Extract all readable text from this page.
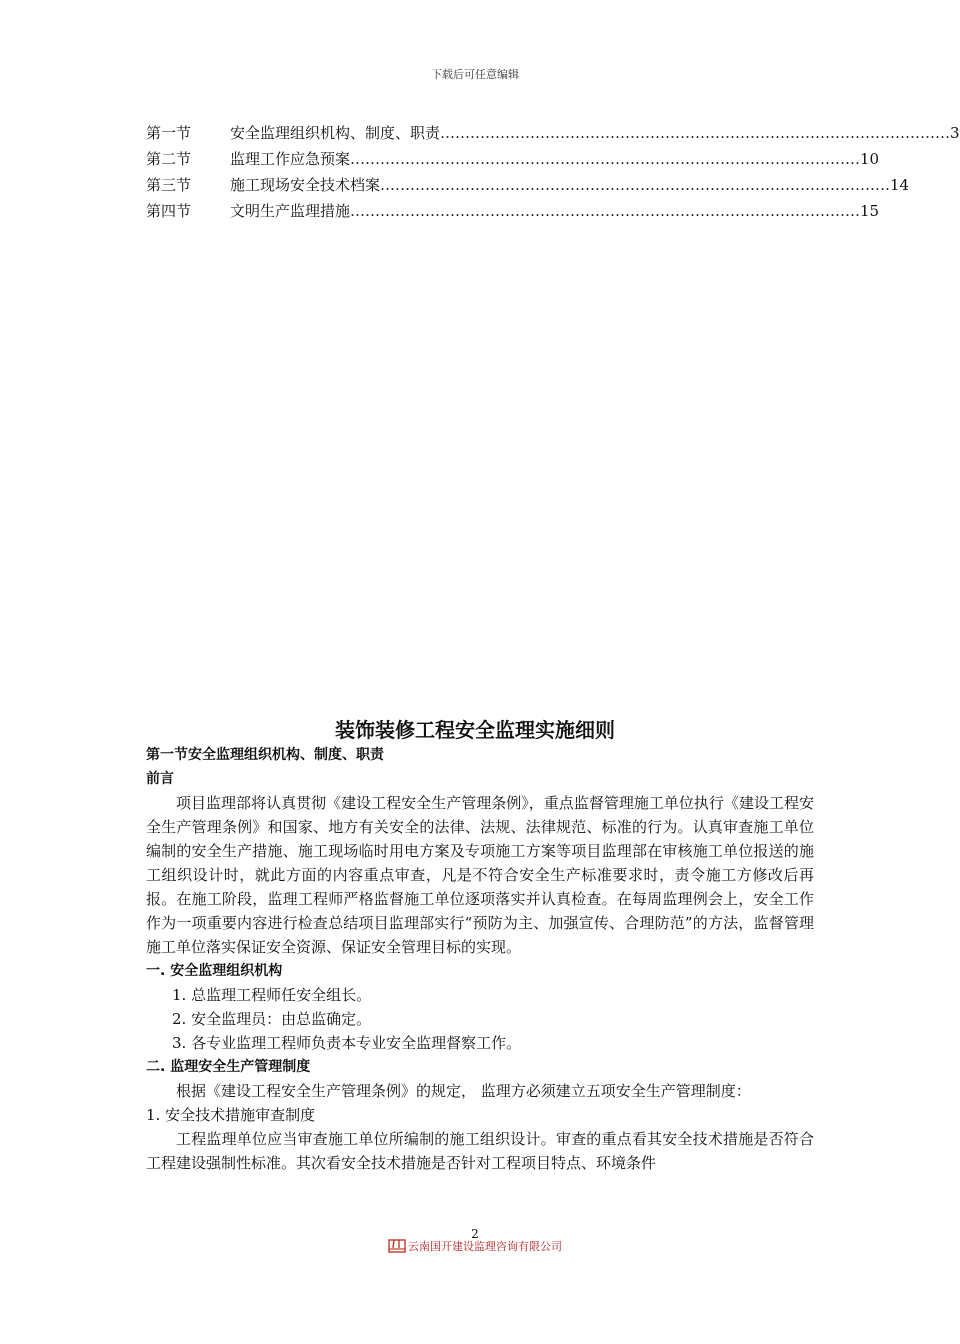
下载后可任意编辑
第一节	安全监理组织机构、制度、职责 ………………………………………………………………………………………… 3
第二节	监理工作应急预案 ………………………………………………………………………………………… 10
第三节	施工现场安全技术档案 ………………………………………………………………………………………… 14
第四节	文明生产监理措施 ………………………………………………………………………………………… 15
装饰装修工程安全监理实施细则
第一节安全监理组织机构、制度、职责
前言
项目监理部将认真贯彻《建设工程安全生产管理条例》，重点监督管理施工单位执行《建设工程安全生产管理条例》和国家、地方有关安全的法律、法规、法律规范、标准的行为。认真审查施工单位编制的安全生产措施、施工现场临时用电方案及专项施工方案等项目监理部在审核施工单位报送的施工组织设计时，就此方面的内容重点审查，凡是不符合安全生产标准要求时，责令施工方修改后再报。在施工阶段，监理工程师严格监督施工单位逐项落实并认真检查。在每周监理例会上，安全工作作为一项重要内容进行检查总结项目监理部实行“预防为主、加强宣传、合理防范”的方法，监督管理施工单位落实保证安全资源、保证安全管理目标的实现。
一. 安全监理组织机构
1. 总监理工程师任安全组长。
2. 安全监理员：由总监确定。
3. 各专业监理工程师负责本专业安全监理督察工作。
二. 监理安全生产管理制度
根据《建设工程安全生产管理条例》的规定， 监理方必须建立五项安全生产管理制度：
1. 安全技术措施审查制度
工程监理单位应当审查施工单位所编制的施工组织设计。审查的重点看其安全技术措施是否符合工程建设强制性标准。其次看安全技术措施是否针对工程项目特点、环境条件
2
云南国开建设监理咨询有限公司
